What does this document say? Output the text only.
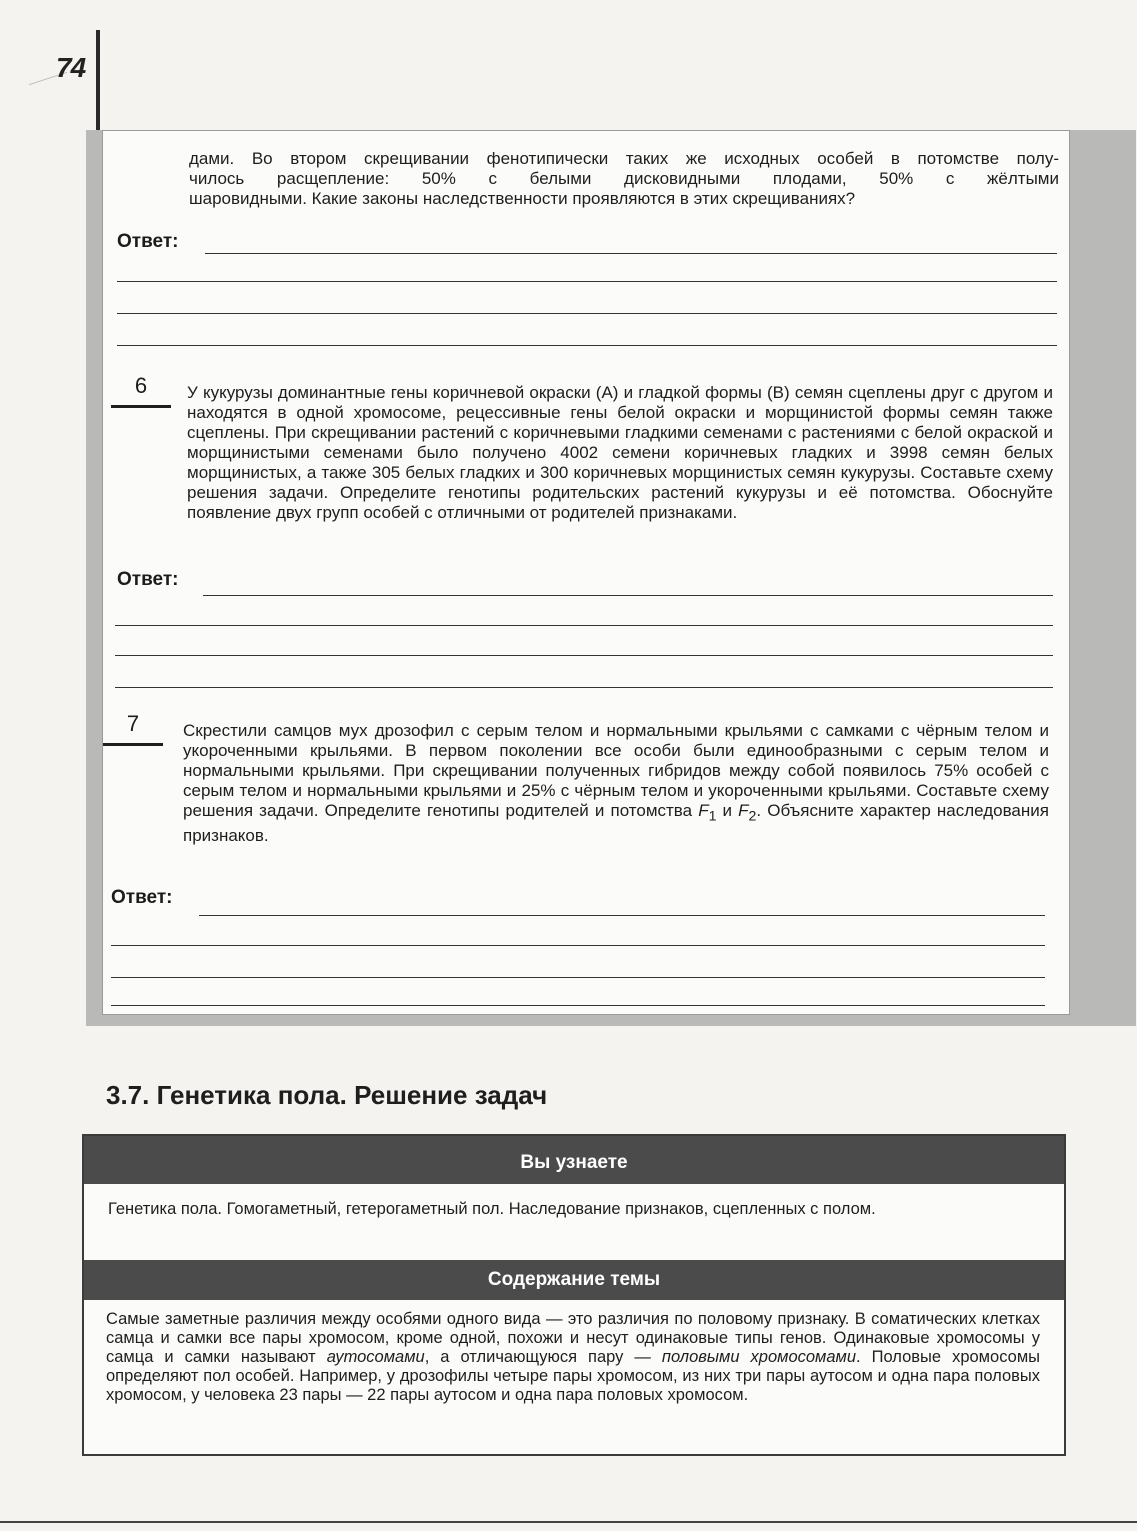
74
дами. Во втором скрещивании фенотипически таких же исходных особей в потомстве полу-
чилось расщепление: 50% с белыми дисковидными плодами, 50% с жёлтыми
шаровидными. Какие законы наследственности проявляются в этих скрещиваниях?
Ответ:
6	У кукурузы доминантные гены коричневой окраски (А) и гладкой формы (В) семян сцеплены друг с другом и находятся в одной хромосоме, рецессивные гены белой окраски и морщинистой формы семян также сцеплены. При скрещивании растений с коричневыми гладкими семенами с растениями с белой окраской и морщинистыми семенами было получено 4002 семени коричневых гладких и 3998 семян белых морщинистых, а также 305 белых гладких и 300 коричневых морщинистых семян кукурузы. Составьте схему решения задачи. Определите генотипы родительских растений кукурузы и её потомства. Обоснуйте появление двух групп особей с отличными от родителей признаками.
Ответ:
7	Скрестили самцов мух дрозофил с серым телом и нормальными крыльями с самками с чёрным телом и укороченными крыльями. В первом поколении все особи были единообразными с серым телом и нормальными крыльями. При скрещивании полученных гибридов между собой появилось 75% особей с серым телом и нормальными крыльями и 25% с чёрным телом и укороченными крыльями. Составьте схему решения задачи. Определите генотипы родителей и потомства $F_1$ и $F_2$. Объясните характер наследования признаков.
Ответ:
3.7. Генетика пола. Решение задач
Вы узнаете
Генетика пола. Гомогаметный, гетерогаметный пол. Наследование признаков, сцепленных с полом.
Содержание темы
Самые заметные различия между особями одного вида — это различия по половому признаку. В соматических клетках самца и самки все пары хромосом, кроме одной, похожи и несут одинаковые типы генов. Одинаковые хромосомы у самца и самки называют аутосомами, а отличающуюся пару — половыми хромосомами. Половые хромосомы определяют пол особей. Например, у дрозофилы четыре пары хромосом, из них три пары аутосом и одна пара половых хромосом, у человека 23 пары — 22 пары аутосом и одна пара половых хромосом.
